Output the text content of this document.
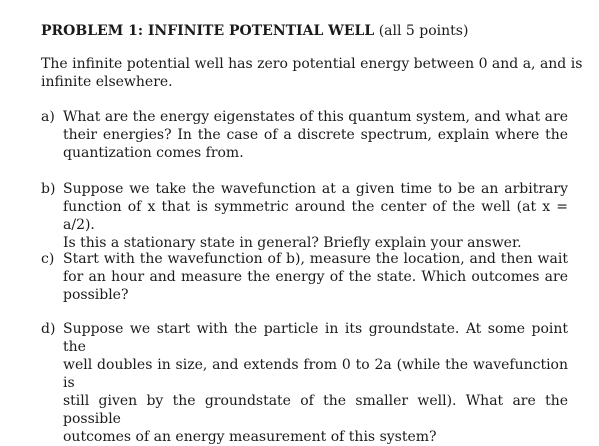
PROBLEM 1: INFINITE POTENTIAL WELL (all 5 points)
The infinite potential well has zero potential energy between 0 and a, and is
infinite elsewhere.
a) What are the energy eigenstates of this quantum system, and what are
their energies? In the case of a discrete spectrum, explain where the
quantization comes from.
b) Suppose we take the wavefunction at a given time to be an arbitrary
function of x that is symmetric around the center of the well (at x = a/2).
Is this a stationary state in general? Briefly explain your answer.
c) Start with the wavefunction of b), measure the location, and then wait
for an hour and measure the energy of the state. Which outcomes are
possible?
d) Suppose we start with the particle in its groundstate. At some point the
well doubles in size, and extends from 0 to 2a (while the wavefunction is
still given by the groundstate of the smaller well). What are the possible
outcomes of an energy measurement of this system?
